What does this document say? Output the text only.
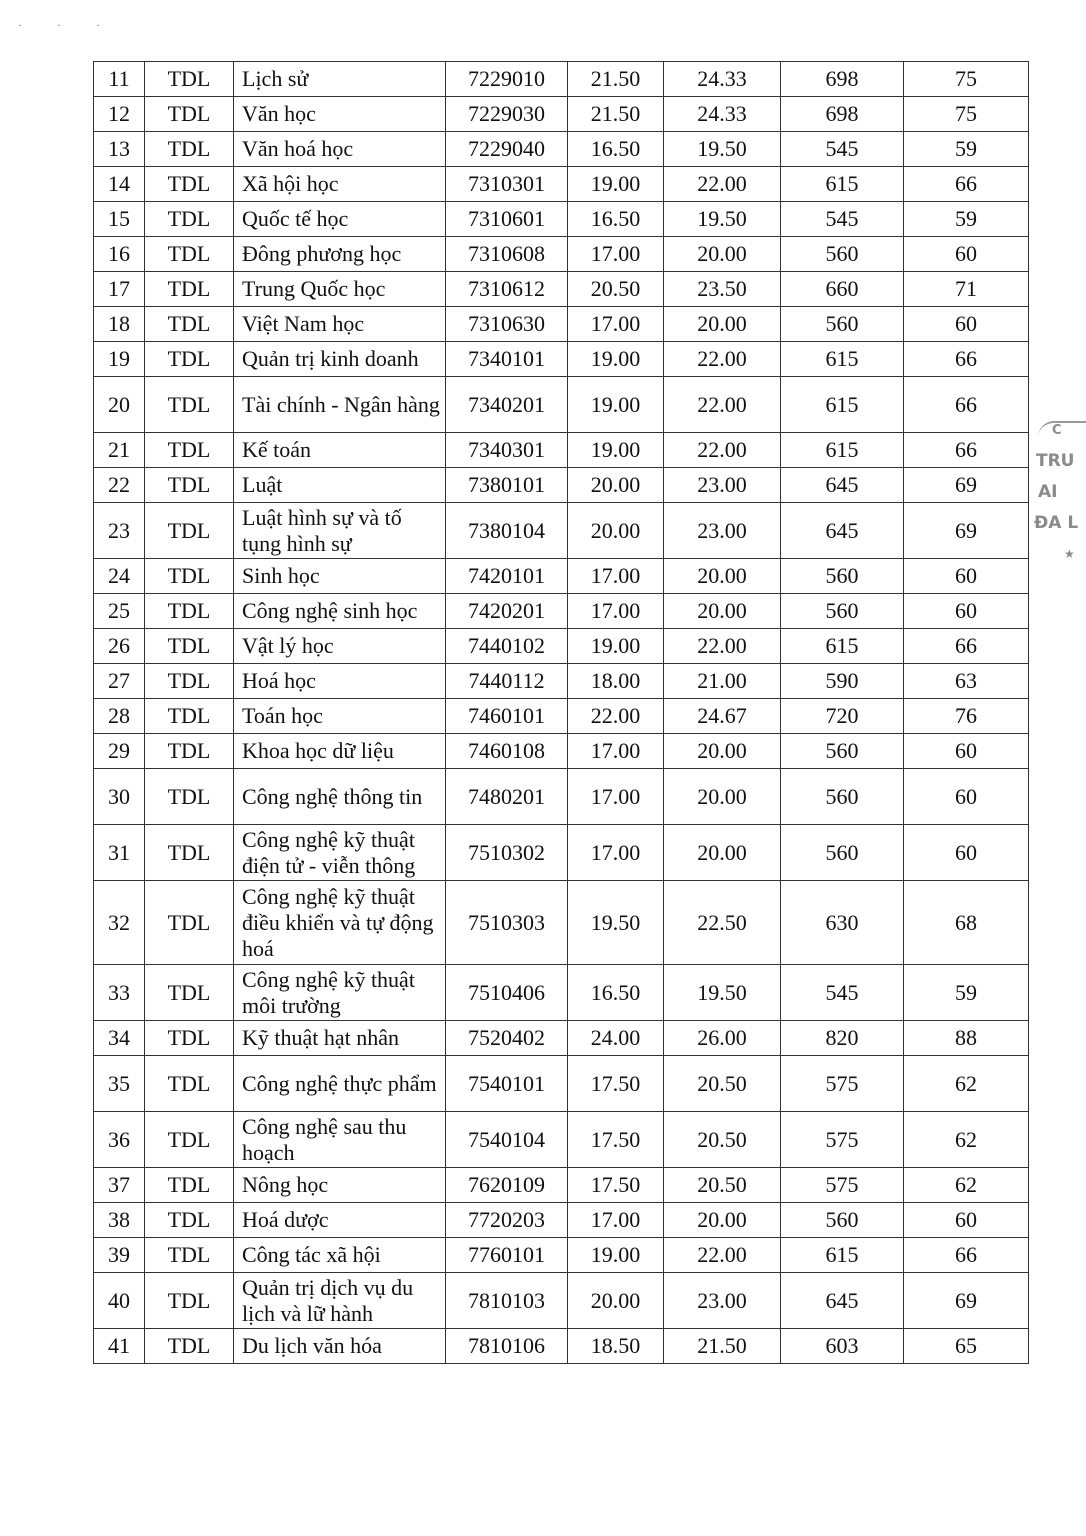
· · ·
11	TDL	Lịch sử	7229010	21.50	24.33	698	75
12	TDL	Văn học	7229030	21.50	24.33	698	75
13	TDL	Văn hoá học	7229040	16.50	19.50	545	59
14	TDL	Xã hội học	7310301	19.00	22.00	615	66
15	TDL	Quốc tế học	7310601	16.50	19.50	545	59
16	TDL	Đông phương học	7310608	17.00	20.00	560	60
17	TDL	Trung Quốc học	7310612	20.50	23.50	660	71
18	TDL	Việt Nam học	7310630	17.00	20.00	560	60
19	TDL	Quản trị kinh doanh	7340101	19.00	22.00	615	66
20	TDL	Tài chính - Ngân hàng	7340201	19.00	22.00	615	66
21	TDL	Kế toán	7340301	19.00	22.00	615	66
22	TDL	Luật	7380101	20.00	23.00	645	69
23	TDL	Luật hình sự và tố tụng hình sự	7380104	20.00	23.00	645	69
24	TDL	Sinh học	7420101	17.00	20.00	560	60
25	TDL	Công nghệ sinh học	7420201	17.00	20.00	560	60
26	TDL	Vật lý học	7440102	19.00	22.00	615	66
27	TDL	Hoá học	7440112	18.00	21.00	590	63
28	TDL	Toán học	7460101	22.00	24.67	720	76
29	TDL	Khoa học dữ liệu	7460108	17.00	20.00	560	60
30	TDL	Công nghệ thông tin	7480201	17.00	20.00	560	60
31	TDL	Công nghệ kỹ thuật điện tử - viễn thông	7510302	17.00	20.00	560	60
32	TDL	Công nghệ kỹ thuật điều khiển và tự động hoá	7510303	19.50	22.50	630	68
33	TDL	Công nghệ kỹ thuật môi trường	7510406	16.50	19.50	545	59
34	TDL	Kỹ thuật hạt nhân	7520402	24.00	26.00	820	88
35	TDL	Công nghệ thực phẩm	7540101	17.50	20.50	575	62
36	TDL	Công nghệ sau thu hoạch	7540104	17.50	20.50	575	62
37	TDL	Nông học	7620109	17.50	20.50	575	62
38	TDL	Hoá dược	7720203	17.00	20.00	560	60
39	TDL	Công tác xã hội	7760101	19.00	22.00	615	66
40	TDL	Quản trị dịch vụ du lịch và lữ hành	7810103	20.00	23.00	645	69
41	TDL	Du lịch văn hóa	7810106	18.50	21.50	603	65
C
TRU
AI
ĐA L
★
